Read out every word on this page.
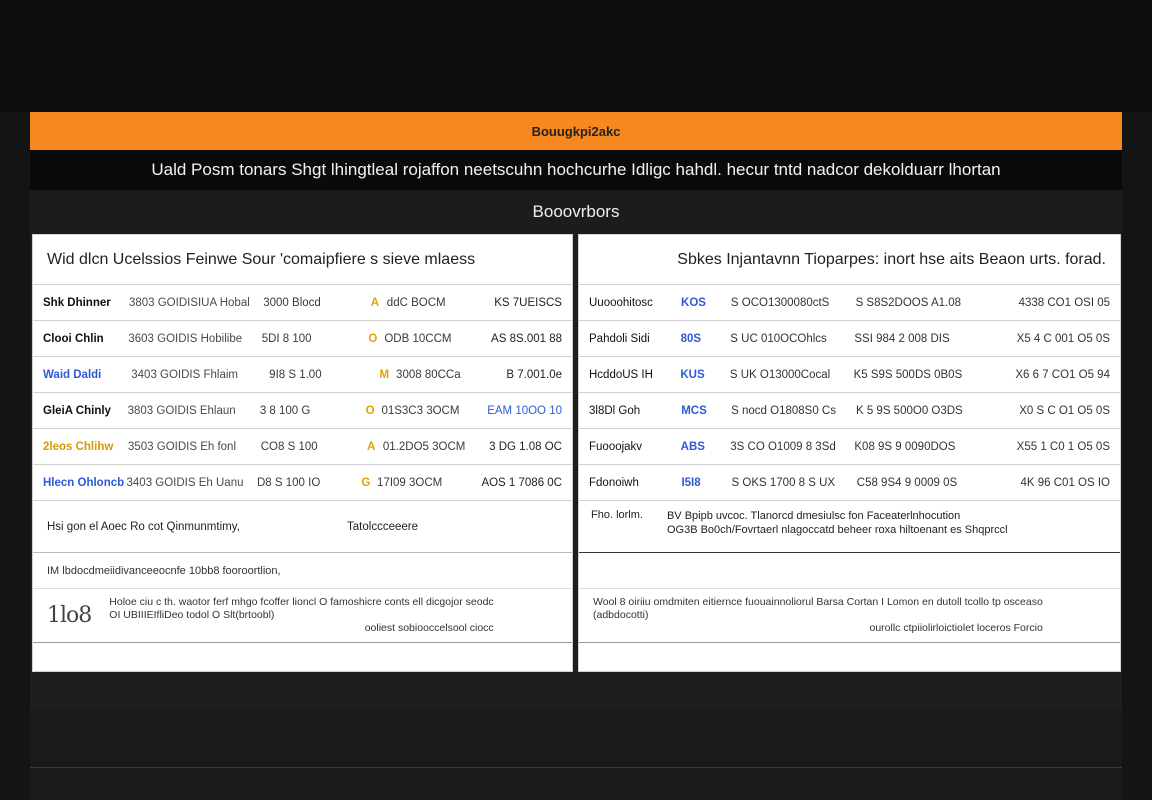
Bouugkpi2akc
Uald Posm tonars Shgt lhingtleal rojaffon neetscuhn hochcurhe Idligc hahdl. hecur tntd nadcor dekolduarr lhortan
Booovrbors
Wid dlcn Ucelssios Feinwe Sour 'comaipfiere s sieve mlaess
Shk Dhinner	3803 GOIDISIUA Hobal	3000 Blocd	A ddC BOCM	KS 7UEISCS
Clooi Chlin	3603 GOIDIS Hobilibe	5DI 8 100	O ODB 10CCM	AS 8S.001 88
Waid Daldi	3403 GOIDIS Fhlaim	9I8 S 1.00	M 3008 80CCa	B 7.001.0e
GleiA Chinly	3803 GOIDIS Ehlaun	3 8 100 G	O 01S3C3 3OCM	EAM 10OO 10
2leos Chlihw	3503 GOIDIS Eh fonl	CO8 S 100	A 01.2DO5 3OCM	3 DG 1.08 OC
Hlecn Ohloncb 3403 GOIDIS Eh Uanu	D8 S 100 IO	G 17I09 3OCM	AOS 1 7086 0C
Hsi gon el Aoec Ro cot Qinmunmtimy,	Tatolccceeere
IM lbdocdmeiidivanceeocnfe 10bb8 fooroortlion,
1lo8
Holoe ciu c th. waotor ferf mhgo fcoffer lioncl O famoshicre conts ell dicgojor seodc
OI UBIIIEIfliDeo todol O Slt(brtoobl)
ooliest sobiooccelsool ciocc
Sbkes Injantavnn Tioparpes: inort hse aits Beaon urts. forad.
Uuooohitosc	KOS	S OCO1300080ctS	S S8S2DOOS A1.08	4338 CO1 OSI 05
Pahdoli Sidi	80S	S UC 010OCOhlcs	SSI 984 2 008 DIS	X5 4 C 001 O5 0S
HcddoUS IH	KUS	S UK O13000Cocal	K5 S9S 500DS 0B0S	X6 6 7 CO1 O5 94
3l8Dl Goh	MCS	S nocd O1808S0 Cs	K 5 9S 500O0 O3DS	X0 S C O1 O5 0S
Fuooojakv	ABS	3S CO O1009 8 3Sd	K08 9S 9 0090DOS	X55 1 C0 1 O5 0S
Fdonoiwh	I5I8	S OKS 1700 8 S UX	C58 9S4 9 0009 0S	4K 96 C01 OS IO
Fho. lorlm. BV Bpipb uvcoc. Tlanorcd dmesiulsc fon Faceaterlnhocution
OG3B Bo0ch/Fovrtaerl nlagoccatd beheer roxa hiltoenant es Shqprccl
Wool 8 oiriiu omdmiten eitiernce fuouainnoliorul Barsa Cortan I Lomon en dutoll tcollo tp osceaso
(adbdocotti)
ourollc ctpiiolirloictiolet loceros Forcio
